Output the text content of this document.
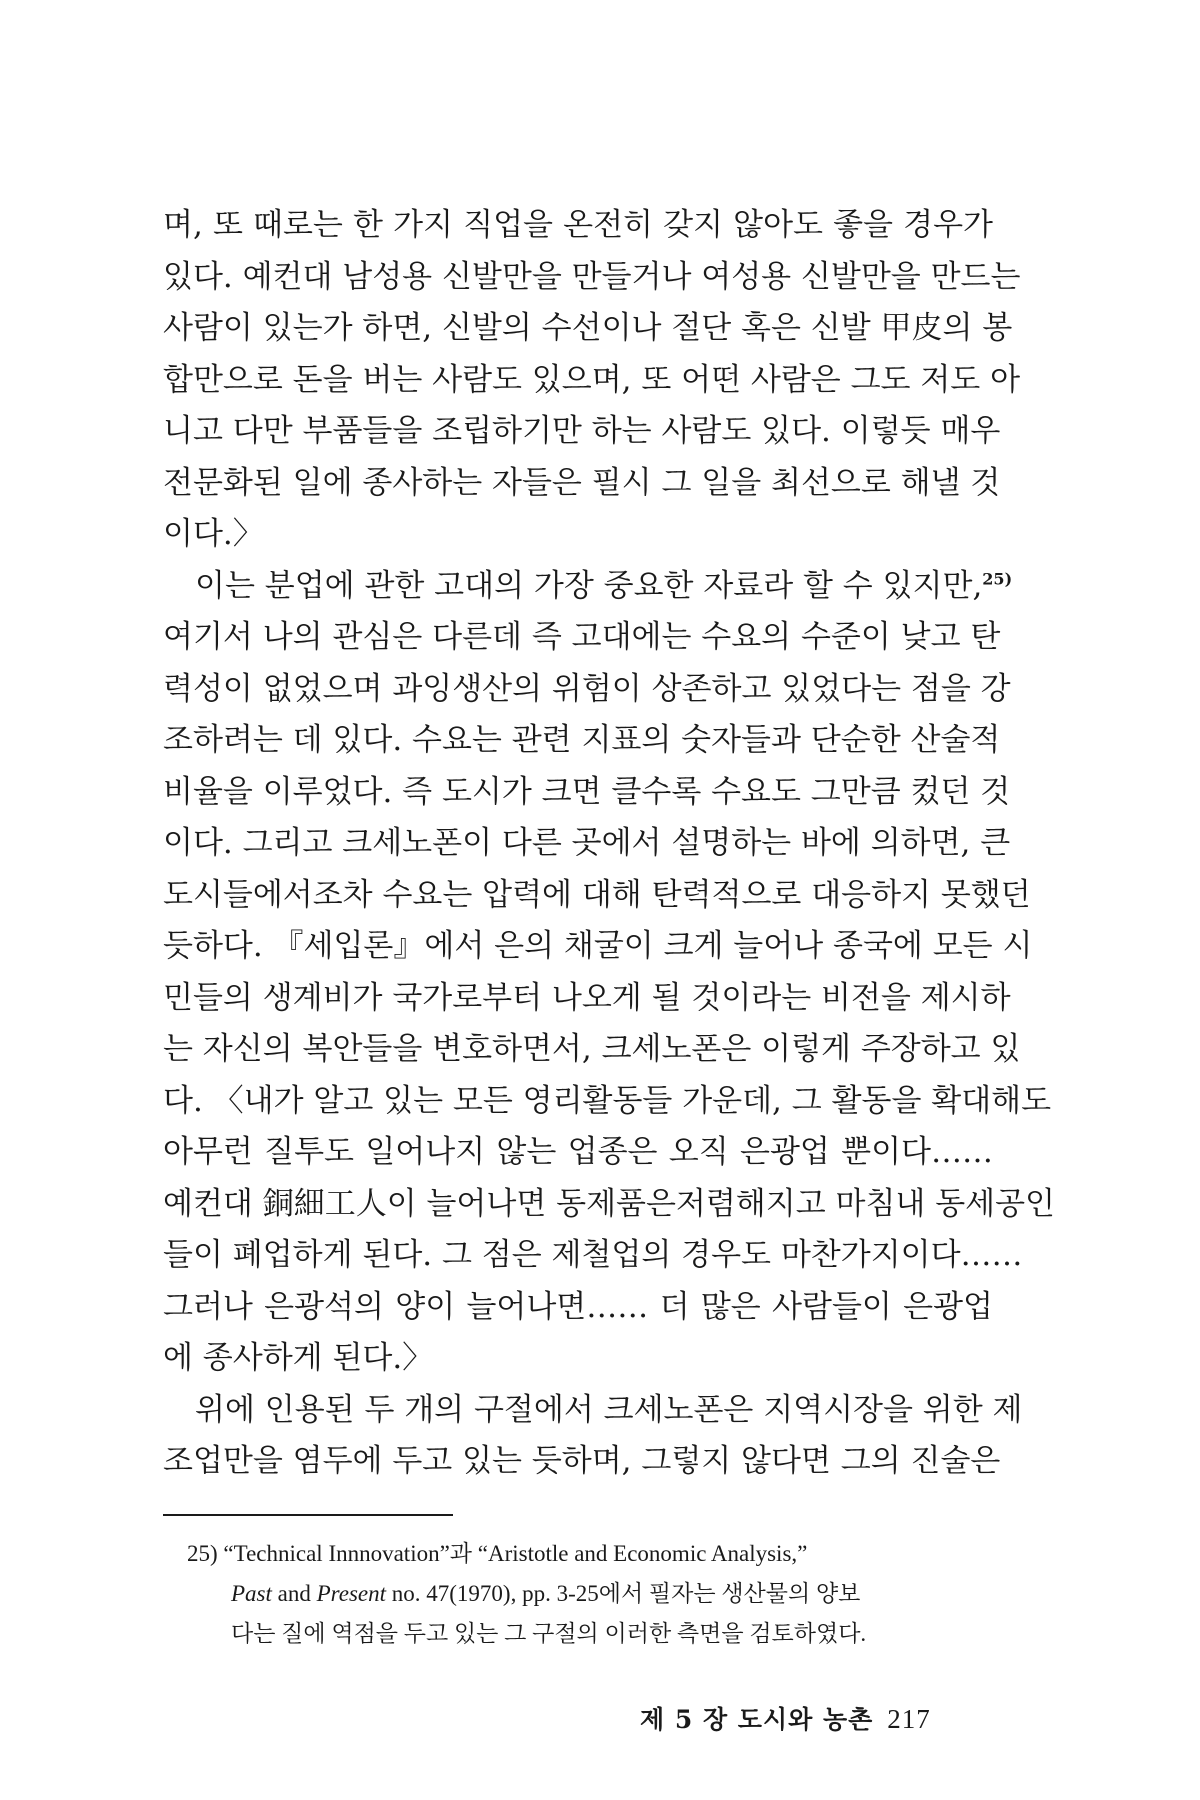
며, 또 때로는 한 가지 직업을 온전히 갖지 않아도 좋을 경우가

있다. 예컨대 남성용 신발만을 만들거나 여성용 신발만을 만드는

사람이 있는가 하면, 신발의 수선이나 절단 혹은 신발 甲皮의 봉

합만으로 돈을 버는 사람도 있으며, 또 어떤 사람은 그도 저도 아

니고 다만 부품들을 조립하기만 하는 사람도 있다. 이렇듯 매우

전문화된 일에 종사하는 자들은 필시 그 일을 최선으로 해낼 것

이다.〉

이는 분업에 관한 고대의 가장 중요한 자료라 할 수 있지만,$^{25)}$

여기서 나의 관심은 다른데 즉 고대에는 수요의 수준이 낮고 탄

력성이 없었으며 과잉생산의 위험이 상존하고 있었다는 점을 강

조하려는 데 있다. 수요는 관련 지표의 숫자들과 단순한 산술적

비율을 이루었다. 즉 도시가 크면 클수록 수요도 그만큼 컸던 것

이다. 그리고 크세노폰이 다른 곳에서 설명하는 바에 의하면, 큰

도시들에서조차 수요는 압력에 대해 탄력적으로 대응하지 못했던

듯하다. 『세입론』에서 은의 채굴이 크게 늘어나 종국에 모든 시

민들의 생계비가 국가로부터 나오게 될 것이라는 비전을 제시하

는 자신의 복안들을 변호하면서, 크세노폰은 이렇게 주장하고 있

다. 〈내가 알고 있는 모든 영리활동들 가운데, 그 활동을 확대해도

아무런 질투도 일어나지 않는 업종은 오직 은광업 뿐이다……

예컨대 銅細工人이 늘어나면 동제품은저렴해지고 마침내 동세공인

들이 폐업하게 된다. 그 점은 제철업의 경우도 마찬가지이다……

그러나 은광석의 양이 늘어나면…… 더 많은 사람들이 은광업

에 종사하게 된다.〉

위에 인용된 두 개의 구절에서 크세노폰은 지역시장을 위한 제

조업만을 염두에 두고 있는 듯하며, 그렇지 않다면 그의 진술은

25) “Technical Innnovation”과 “Aristotle and Economic Analysis,”
Past and Present no. 47(1970), pp. 3-25에서 필자는 생산물의 양보
다는 질에 역점을 두고 있는 그 구절의 이러한 측면을 검토하였다.
제 5 장 도시와 농촌 217
